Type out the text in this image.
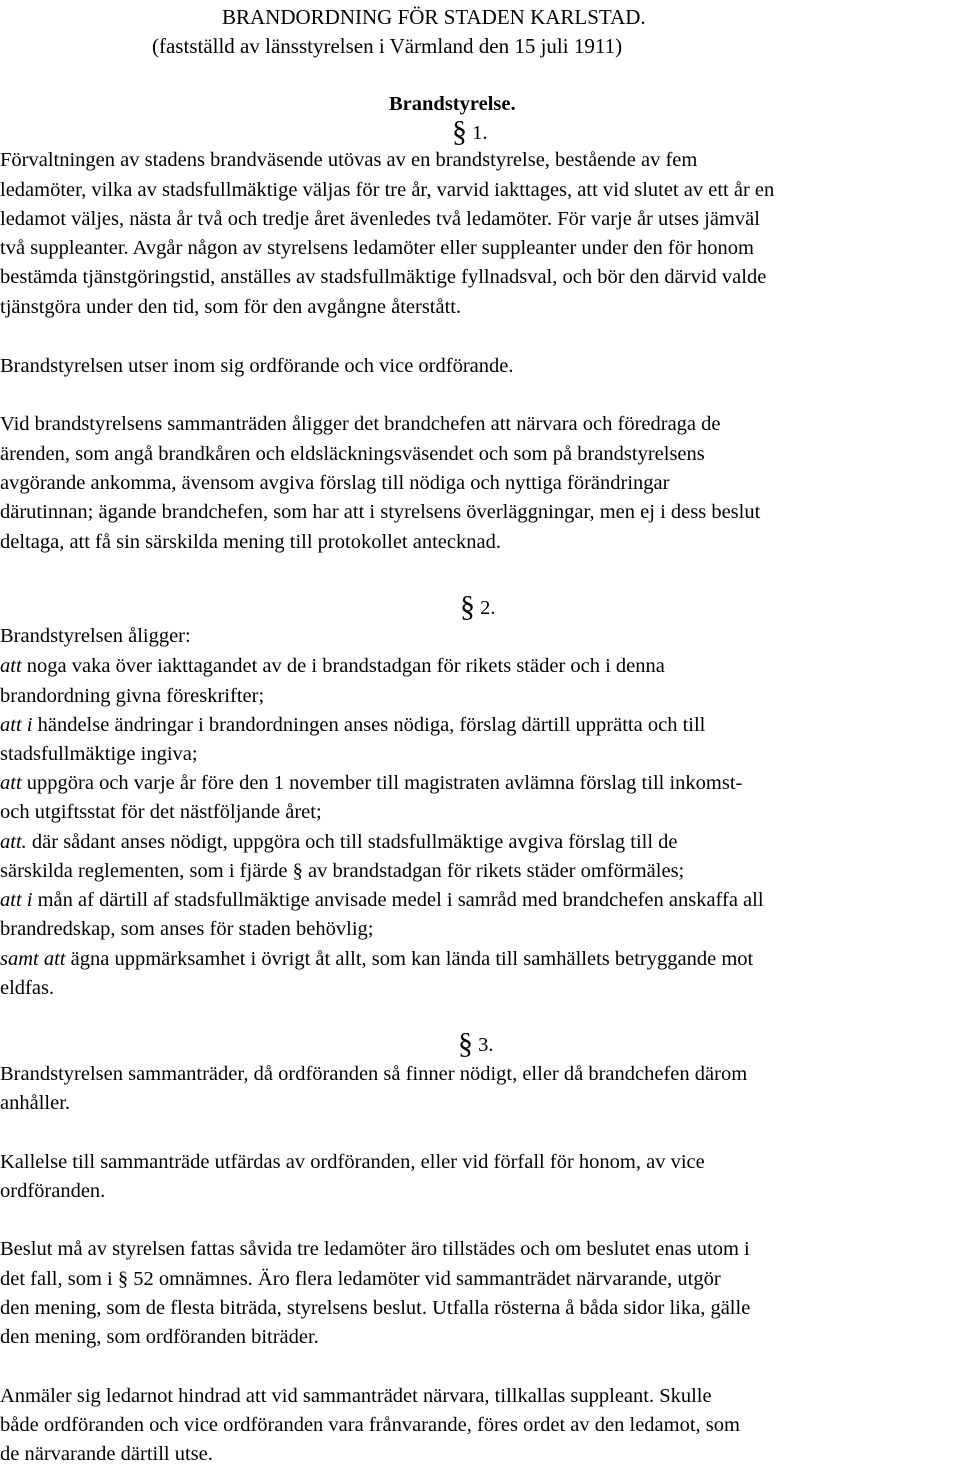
BRANDORDNING FÖR STADEN KARLSTAD.
(fastställd av länsstyrelsen i Värmland den 15 juli 1911)
Brandstyrelse.
§ 1.
Förvaltningen av stadens brandväsende utövas av en brandstyrelse, bestående av fem
ledamöter, vilka av stadsfullmäktige väljas för tre år, varvid iakttages, att vid slutet av ett år en
ledamot väljes, nästa år två och tredje året ävenledes två ledamöter. För varje år utses jämväl
två suppleanter. Avgår någon av styrelsens ledamöter eller suppleanter under den för honom
bestämda tjänstgöringstid, anställes av stadsfullmäktige fyllnadsval, och bör den därvid valde
tjänstgöra under den tid, som för den avgångne återstått.
Brandstyrelsen utser inom sig ordförande och vice ordförande.
Vid brandstyrelsens sammanträden åligger det brandchefen att närvara och föredraga de
ärenden, som angå brandkåren och eldsläckningsväsendet och som på brandstyrelsens
avgörande ankomma, ävensom avgiva förslag till nödiga och nyttiga förändringar
därutinnan; ägande brandchefen, som har att i styrelsens överläggningar, men ej i dess beslut
deltaga, att få sin särskilda mening till protokollet antecknad.
§ 2.
Brandstyrelsen åligger:
att noga vaka över iakttagandet av de i brandstadgan för rikets städer och i denna
brandordning givna föreskrifter;
att i händelse ändringar i brandordningen anses nödiga, förslag därtill upprätta och till
stadsfullmäktige ingiva;
att uppgöra och varje år före den 1 november till magistraten avlämna förslag till inkomst-
och utgiftsstat för det nästföljande året;
att. där sådant anses nödigt, uppgöra och till stadsfullmäktige avgiva förslag till de
särskilda reglementen, som i fjärde § av brandstadgan för rikets städer omförmäles;
att i mån af därtill af stadsfullmäktige anvisade medel i samråd med brandchefen anskaffa all
brandredskap, som anses för staden behövlig;
samt att ägna uppmärksamhet i övrigt åt allt, som kan lända till samhällets betryggande mot
eldfas.
§ 3.
Brandstyrelsen sammanträder, då ordföranden så finner nödigt, eller då brandchefen därom
anhåller.
Kallelse till sammanträde utfärdas av ordföranden, eller vid förfall för honom, av vice
ordföranden.
Beslut må av styrelsen fattas såvida tre ledamöter äro tillstädes och om beslutet enas utom i
det fall, som i § 52 omnämnes. Äro flera ledamöter vid sammanträdet närvarande, utgör
den mening, som de flesta biträda, styrelsens beslut. Utfalla rösterna å båda sidor lika, gälle
den mening, som ordföranden biträder.
Anmäler sig ledarnot hindrad att vid sammanträdet närvara, tillkallas suppleant. Skulle
både ordföranden och vice ordföranden vara frånvarande, föres ordet av den ledamot, som
de närvarande därtill utse.
